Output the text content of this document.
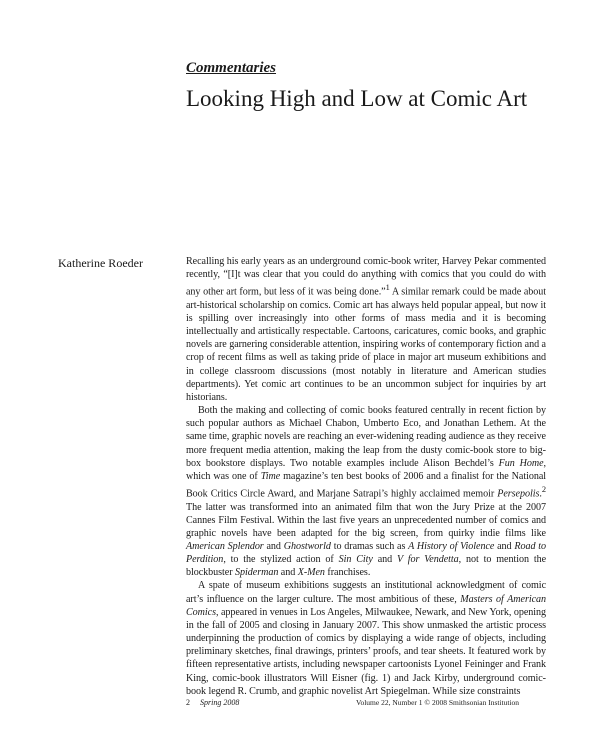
Commentaries
Looking High and Low at Comic Art
Katherine Roeder	Recalling his early years as an underground comic-book writer, Harvey Pekar commented recently, “[I]t was clear that you could do anything with comics that you could do with any other art form, but less of it was being done.”$^1$ A similar remark could be made about art-historical scholarship on comics. Comic art has always held popular appeal, but now it is spilling over increasingly into other forms of mass media and it is becoming intellectually and artistically respectable. Cartoons, caricatures, comic books, and graphic novels are garnering considerable attention, inspiring works of contemporary fiction and a crop of recent films as well as taking pride of place in major art museum exhibitions and in college classroom discussions (most notably in literature and American studies departments). Yet comic art continues to be an uncommon subject for inquiries by art historians.

Both the making and collecting of comic books featured centrally in recent fiction by such popular authors as Michael Chabon, Umberto Eco, and Jonathan Lethem. At the same time, graphic novels are reaching an ever-widening reading audience as they receive more frequent media attention, making the leap from the dusty comic-book store to big-box bookstore displays. Two notable examples include Alison Bechdel’s Fun Home, which was one of Time magazine’s ten best books of 2006 and a finalist for the National Book Critics Circle Award, and Marjane Satrapi’s highly acclaimed memoir Persepolis.$^2$ The latter was transformed into an animated film that won the Jury Prize at the 2007 Cannes Film Festival. Within the last five years an unprecedented number of comics and graphic novels have been adapted for the big screen, from quirky indie films like American Splendor and Ghostworld to dramas such as A History of Violence and Road to Perdition, to the stylized action of Sin City and V for Vendetta, not to mention the blockbuster Spiderman and X-Men franchises.

A spate of museum exhibitions suggests an institutional acknowledgment of comic art’s influence on the larger culture. The most ambitious of these, Masters of American Comics, appeared in venues in Los Angeles, Milwaukee, Newark, and New York, opening in the fall of 2005 and closing in January 2007. This show unmasked the artistic process underpinning the production of comics by displaying a wide range of objects, including preliminary sketches, final drawings, printers’ proofs, and tear sheets. It featured work by fifteen representative artists, including newspaper cartoonists Lyonel Feininger and Frank King, comic-book illustrators Will Eisner (fig. 1) and Jack Kirby, underground comic-book legend R. Crumb, and graphic novelist Art Spiegelman. While size constraints

2 Spring 2008	Volume 22, Number 1 © 2008 Smithsonian Institution
